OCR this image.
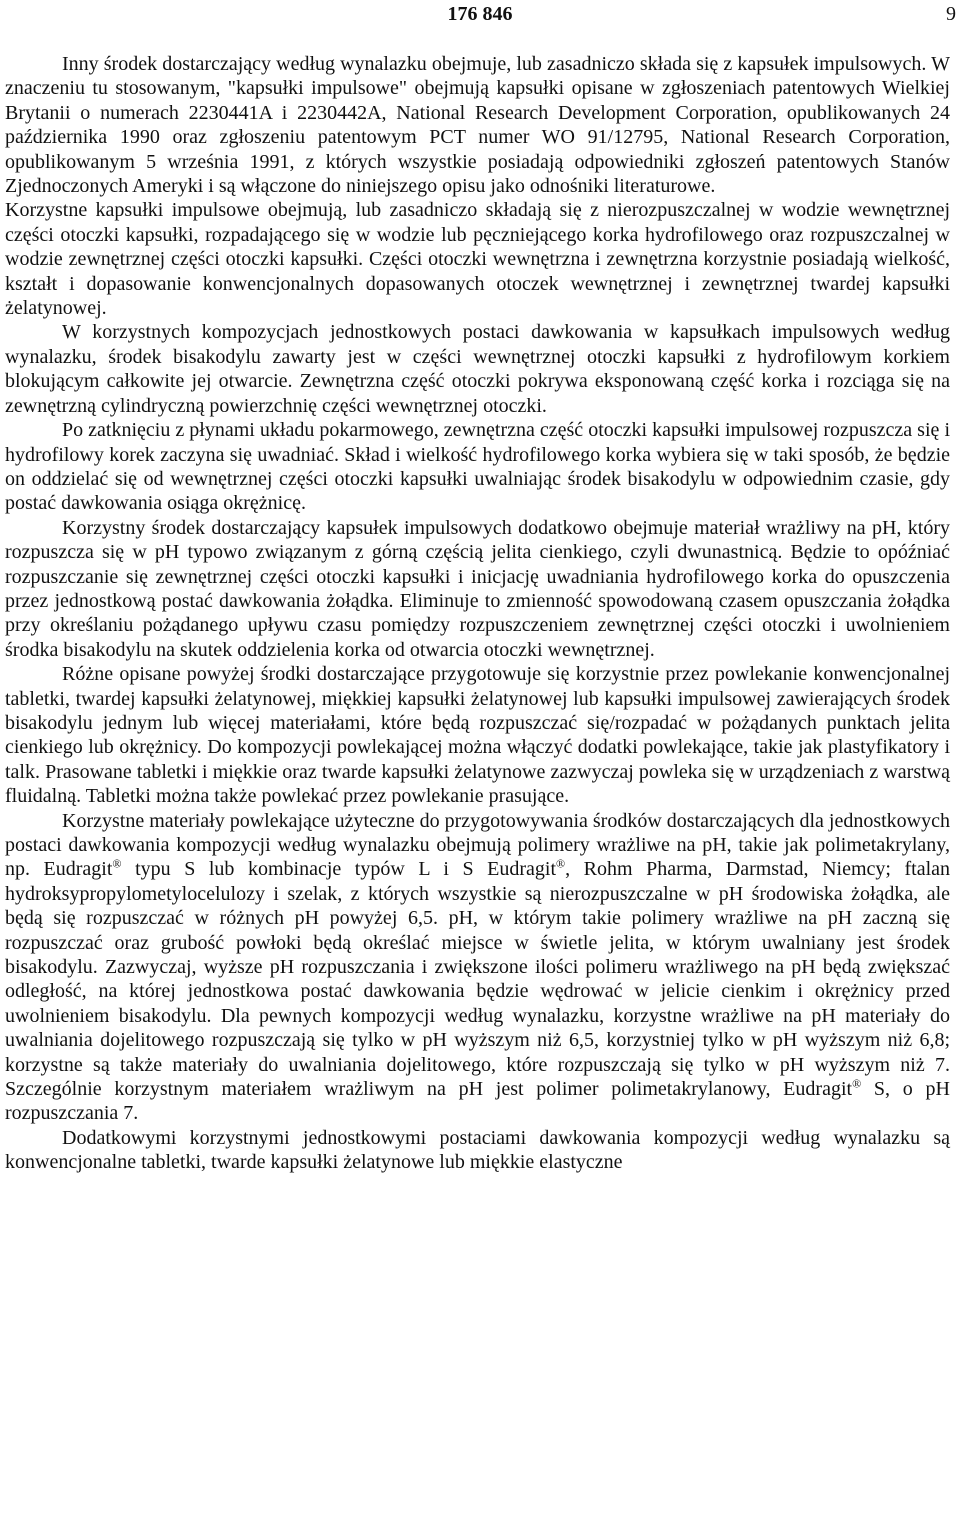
176 846	9

Inny środek dostarczający według wynalazku obejmuje, lub zasadniczo składa się z kapsułek impulsowych. W znaczeniu tu stosowanym, "kapsułki impulsowe" obejmują kapsułki opisane w zgłoszeniach patentowych Wielkiej Brytanii o numerach 2230441A i 2230442A, National Research Development Corporation, opublikowanych 24 października 1990 oraz zgłoszeniu patentowym PCT numer WO 91/12795, National Research Corporation, opublikowanym 5 września 1991, z których wszystkie posiadają odpowiedniki zgłoszeń patentowych Stanów Zjednoczonych Ameryki i są włączone do niniejszego opisu jako odnośniki literaturowe.

Korzystne kapsułki impulsowe obejmują, lub zasadniczo składają się z nierozpuszczalnej w wodzie wewnętrznej części otoczki kapsułki, rozpadającego się w wodzie lub pęczniejącego korka hydrofilowego oraz rozpuszczalnej w wodzie zewnętrznej części otoczki kapsułki. Części otoczki wewnętrzna i zewnętrzna korzystnie posiadają wielkość, kształt i dopasowanie konwencjonalnych dopasowanych otoczek wewnętrznej i zewnętrznej twardej kapsułki żelatynowej.

W korzystnych kompozycjach jednostkowych postaci dawkowania w kapsułkach impulsowych według wynalazku, środek bisakodylu zawarty jest w części wewnętrznej otoczki kapsułki z hydrofilowym korkiem blokującym całkowite jej otwarcie. Zewnętrzna część otoczki pokrywa eksponowaną część korka i rozciąga się na zewnętrzną cylindryczną powierzchnię części wewnętrznej otoczki.

Po zatknięciu z płynami układu pokarmowego, zewnętrzna część otoczki kapsułki impulsowej rozpuszcza się i hydrofilowy korek zaczyna się uwadniać. Skład i wielkość hydrofilowego korka wybiera się w taki sposób, że będzie on oddzielać się od wewnętrznej części otoczki kapsułki uwalniając środek bisakodylu w odpowiednim czasie, gdy postać dawkowania osiąga okrężnicę.

Korzystny środek dostarczający kapsułek impulsowych dodatkowo obejmuje materiał wrażliwy na pH, który rozpuszcza się w pH typowo związanym z górną częścią jelita cienkiego, czyli dwunastnicą. Będzie to opóźniać rozpuszczanie się zewnętrznej części otoczki kapsułki i inicjację uwadniania hydrofilowego korka do opuszczenia przez jednostkową postać dawkowania żołądka. Eliminuje to zmienność spowodowaną czasem opuszczania żołądka przy określaniu pożądanego upływu czasu pomiędzy rozpuszczeniem zewnętrznej części otoczki i uwolnieniem środka bisakodylu na skutek oddzielenia korka od otwarcia otoczki wewnętrznej.

Różne opisane powyżej środki dostarczające przygotowuje się korzystnie przez powlekanie konwencjonalnej tabletki, twardej kapsułki żelatynowej, miękkiej kapsułki żelatynowej lub kapsułki impulsowej zawierających środek bisakodylu jednym lub więcej materiałami, które będą rozpuszczać się/rozpadać w pożądanych punktach jelita cienkiego lub okrężnicy. Do kompozycji powlekającej można włączyć dodatki powlekające, takie jak plastyfikatory i talk. Prasowane tabletki i miękkie oraz twarde kapsułki żelatynowe zazwyczaj powleka się w urządzeniach z warstwą fluidalną. Tabletki można także powlekać przez powlekanie prasujące.

Korzystne materiały powlekające użyteczne do przygotowywania środków dostarczających dla jednostkowych postaci dawkowania kompozycji według wynalazku obejmują polimery wrażliwe na pH, takie jak polimetakrylany, np. Eudragit® typu S lub kombinacje typów L i S Eudragit®, Rohm Pharma, Darmstad, Niemcy; ftalan hydroksypropylometylocelulozy i szelak, z których wszystkie są nierozpuszczalne w pH środowiska żołądka, ale będą się rozpuszczać w różnych pH powyżej 6,5. pH, w którym takie polimery wrażliwe na pH zaczną się rozpuszczać oraz grubość powłoki będą określać miejsce w świetle jelita, w którym uwalniany jest środek bisakodylu. Zazwyczaj, wyższe pH rozpuszczania i zwiększone ilości polimeru wrażliwego na pH będą zwiększać odległość, na której jednostkowa postać dawkowania będzie wędrować w jelicie cienkim i okrężnicy przed uwolnieniem bisakodylu. Dla pewnych kompozycji według wynalazku, korzystne wrażliwe na pH materiały do uwalniania dojelitowego rozpuszczają się tylko w pH wyższym niż 6,5, korzystniej tylko w pH wyższym niż 6,8; korzystne są także materiały do uwalniania dojelitowego, które rozpuszczają się tylko w pH wyższym niż 7. Szczególnie korzystnym materiałem wrażliwym na pH jest polimer polimetakrylanowy, Eudragit® S, o pH rozpuszczania 7.

Dodatkowymi korzystnymi jednostkowymi postaciami dawkowania kompozycji według wynalazku są konwencjonalne tabletki, twarde kapsułki żelatynowe lub miękkie elastyczne
